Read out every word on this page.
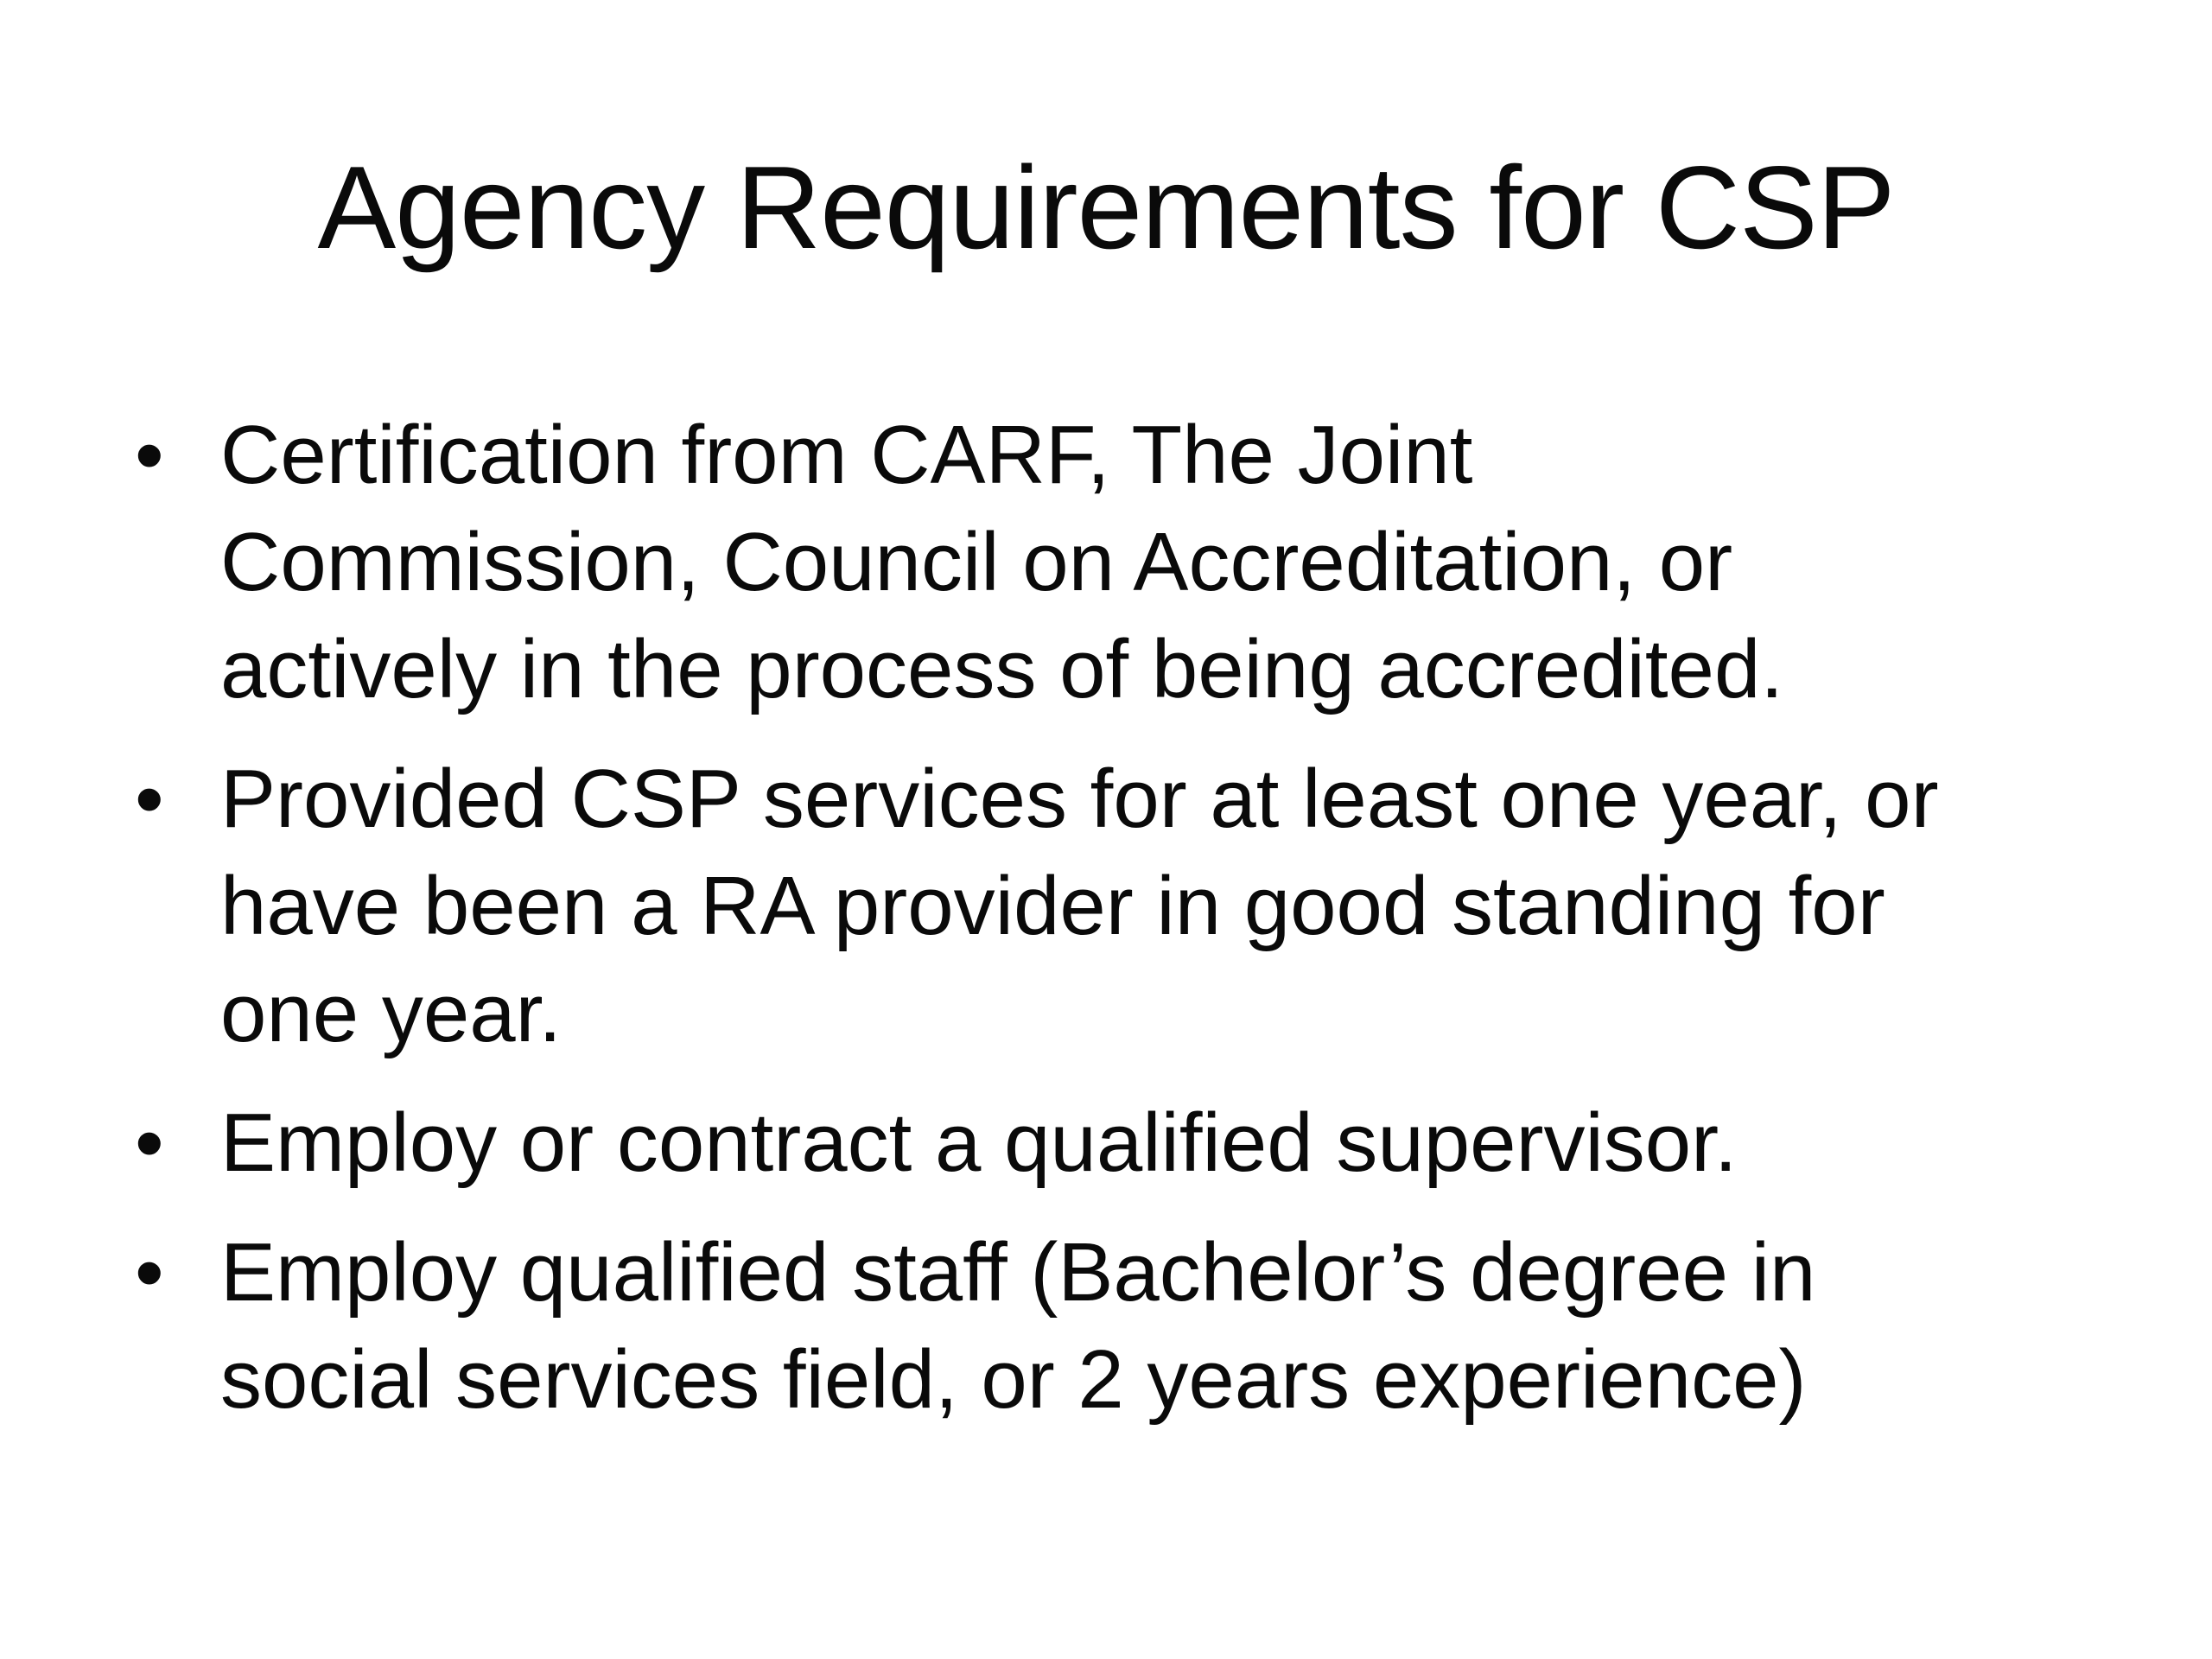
Agency Requirements for CSP
• Certification from CARF, The Joint
Commission, Council on Accreditation, or
actively in the process of being accredited.
• Provided CSP services for at least one year, or
have been a RA provider in good standing for
one year.
• Employ or contract a qualified supervisor.
• Employ qualified staff (Bachelor’s degree in
social services field, or 2 years experience)
